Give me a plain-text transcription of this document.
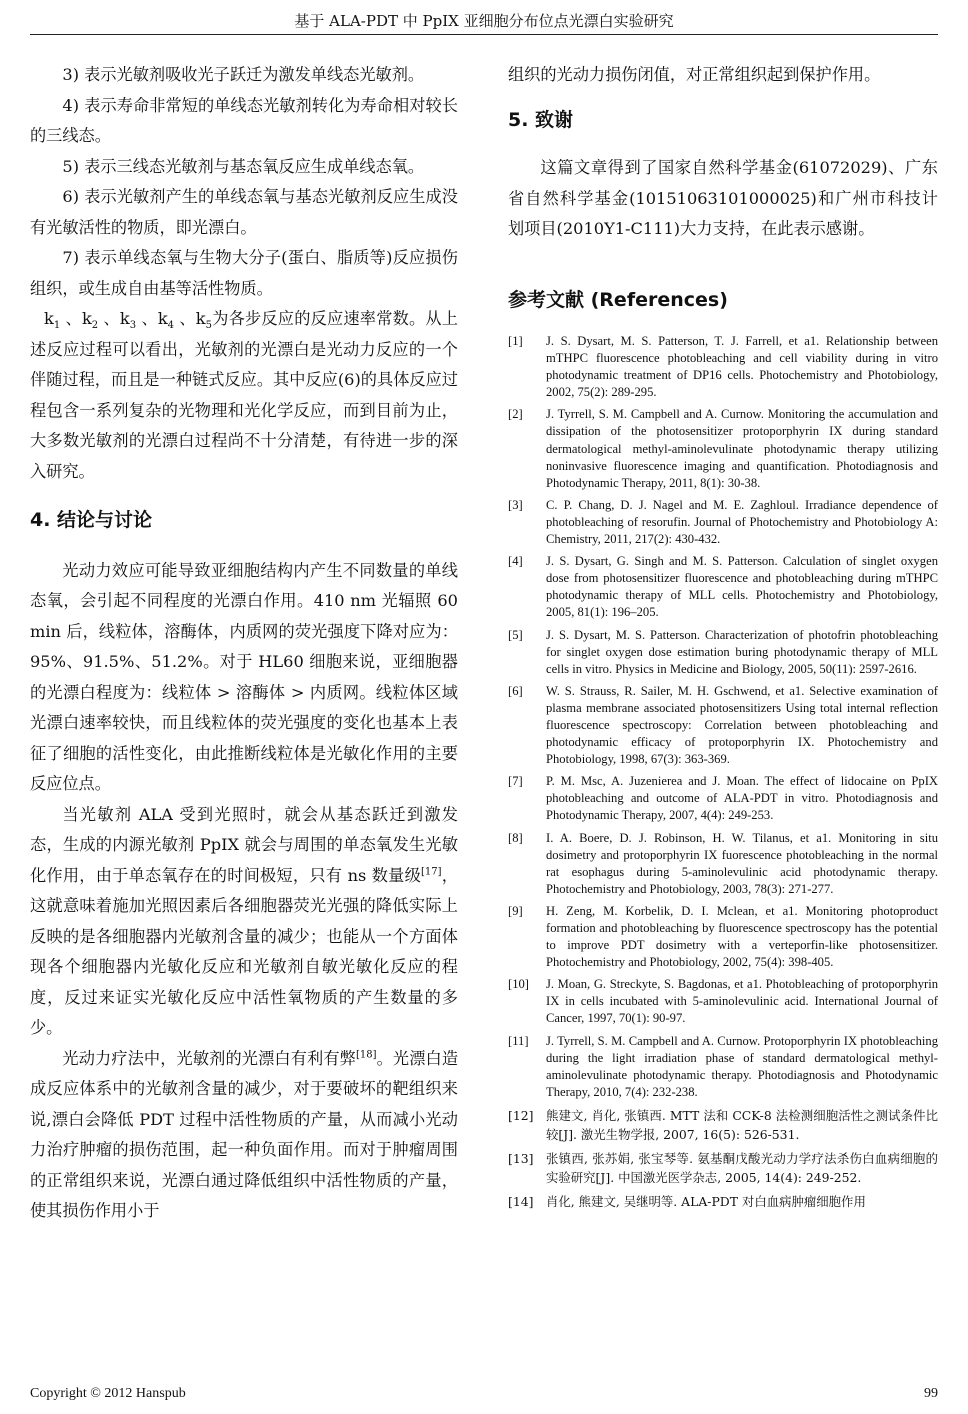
基于 ALA-PDT 中 PpIX 亚细胞分布位点光漂白实验研究

3) 表示光敏剂吸收光子跃迁为激发单线态光敏剂。

4) 表示寿命非常短的单线态光敏剂转化为寿命相对较长的三线态。

5) 表示三线态光敏剂与基态氧反应生成单线态氧。

6) 表示光敏剂产生的单线态氧与基态光敏剂反应生成没有光敏活性的物质，即光漂白。

7) 表示单线态氧与生物大分子(蛋白、脂质等)反应损伤组织，或生成自由基等活性物质。

$k_1$ 、$k_2$ 、$k_3$ 、$k_4$ 、$k_5$为各步反应的反应速率常数。从上述反应过程可以看出，光敏剂的光漂白是光动力反应的一个伴随过程，而且是一种链式反应。其中反应(6)的具体反应过程包含一系列复杂的光物理和光化学反应，而到目前为止，大多数光敏剂的光漂白过程尚不十分清楚，有待进一步的深入研究。

4. 结论与讨论

光动力效应可能导致亚细胞结构内产生不同数量的单线态氧，会引起不同程度的光漂白作用。410 nm 光辐照 60 min 后，线粒体，溶酶体，内质网的荧光强度下降对应为：95%、91.5%、51.2%。对于 HL60 细胞来说，亚细胞器的光漂白程度为：线粒体 > 溶酶体 > 内质网。线粒体区域光漂白速率较快，而且线粒体的荧光强度的变化也基本上表征了细胞的活性变化，由此推断线粒体是光敏化作用的主要反应位点。

当光敏剂 ALA 受到光照时，就会从基态跃迁到激发态，生成的内源光敏剂 PpIX 就会与周围的单态氧发生光敏化作用，由于单态氧存在的时间极短，只有 ns 数量级[17]，这就意味着施加光照因素后各细胞器荧光光强的降低实际上反映的是各细胞器内光敏剂含量的减少；也能从一个方面体现各个细胞器内光敏化反应和光敏剂自敏光敏化反应的程度，反过来证实光敏化反应中活性氧物质的产生数量的多少。

光动力疗法中，光敏剂的光漂白有利有弊[18]。光漂白造成反应体系中的光敏剂含量的减少，对于要破坏的靶组织来说,漂白会降低 PDT 过程中活性物质的产量，从而减小光动力治疗肿瘤的损伤范围，起一种负面作用。而对于肿瘤周围的正常组织来说，光漂白通过降低组织中活性物质的产量，使其损伤作用小于

组织的光动力损伤闭值，对正常组织起到保护作用。

5. 致谢

这篇文章得到了国家自然科学基金(61072029)、广东省自然科学基金(10151063101000025)和广州市科技计划项目(2010Y1-C111)大力支持，在此表示感谢。

参考文献 (References)
[1] J. S. Dysart, M. S. Patterson, T. J. Farrell, et a1. Relationship between mTHPC fluorescence photobleaching and cell viability during in vitro photodynamic treatment of DP16 cells. Photochemistry and Photobiology, 2002, 75(2): 289-295.
[2] J. Tyrrell, S. M. Campbell and A. Curnow. Monitoring the accumulation and dissipation of the photosensitizer protoporphyrin IX during standard dermatological methyl-aminolevulinate photodynamic therapy utilizing noninvasive fluorescence imaging and quantification. Photodiagnosis and Photodynamic Therapy, 2011, 8(1): 30-38.
[3] C. P. Chang, D. J. Nagel and M. E. Zaghloul. Irradiance dependence of photobleaching of resorufin. Journal of Photochemistry and Photobiology A: Chemistry, 2011, 217(2): 430-432.
[4] J. S. Dysart, G. Singh and M. S. Patterson. Calculation of singlet oxygen dose from photosensitizer fluorescence and photobleaching during mTHPC photodynamic therapy of MLL cells. Photochemistry and Photobiology, 2005, 81(1): 196–205.
[5] J. S. Dysart, M. S. Patterson. Characterization of photofrin photobleaching for singlet oxygen dose estimation buring photodynamic therapy of MLL cells in vitro. Physics in Medicine and Biology, 2005, 50(11): 2597-2616.
[6] W. S. Strauss, R. Sailer, M. H. Gschwend, et a1. Selective examination of plasma membrane associated photosensitizers Using total internal reflection fluorescence spectroscopy: Correlation between photobleaching and photodynamic efficacy of protoporphyrin IX. Photochemistry and Photobiology, 1998, 67(3): 363-369.
[7] P. M. Msc, A. Juzenierea and J. Moan. The effect of lidocaine on PpIX photobleaching and outcome of ALA-PDT in vitro. Photodiagnosis and Photodynamic Therapy, 2007, 4(4): 249-253.
[8] I. A. Boere, D. J. Robinson, H. W. Tilanus, et a1. Monitoring in situ dosimetry and protoporphyrin IX fuorescence photobleaching in the normal rat esophagus during 5-aminolevulinic acid photodynamic therapy. Photochemistry and Photobiology, 2003, 78(3): 271-277.
[9] H. Zeng, M. Korbelik, D. I. Mclean, et a1. Monitoring photoproduct formation and photobleaching by fluorescence spectroscopy has the potential to improve PDT dosimetry with a verteporfin-like photosensitizer. Photochemistry and Photobiology, 2002, 75(4): 398-405.
[10] J. Moan, G. Streckyte, S. Bagdonas, et a1. Photobleaching of protoporphyrin IX in cells incubated with 5-aminolevulinic acid. International Journal of Cancer, 1997, 70(1): 90-97.
[11] J. Tyrrell, S. M. Campbell and A. Curnow. Protoporphyrin IX photobleaching during the light irradiation phase of standard dermatological methyl-aminolevulinate photodynamic therapy. Photodiagnosis and Photodynamic Therapy, 2010, 7(4): 232-238.
[12] 熊建文, 肖化, 张镇西. MTT 法和 CCK-8 法检测细胞活性之测试条件比较[J]. 激光生物学报, 2007, 16(5): 526-531.
[13] 张镇西, 张苏娟, 张宝琴等. 氨基酮戊酸光动力学疗法杀伤白血病细胞的实验研究[J]. 中国激光医学杂志, 2005, 14(4): 249-252.
[14] 肖化, 熊建文, 吴继明等. ALA-PDT 对白血病肿瘤细胞作用
Copyright © 2012 Hanspub	99
